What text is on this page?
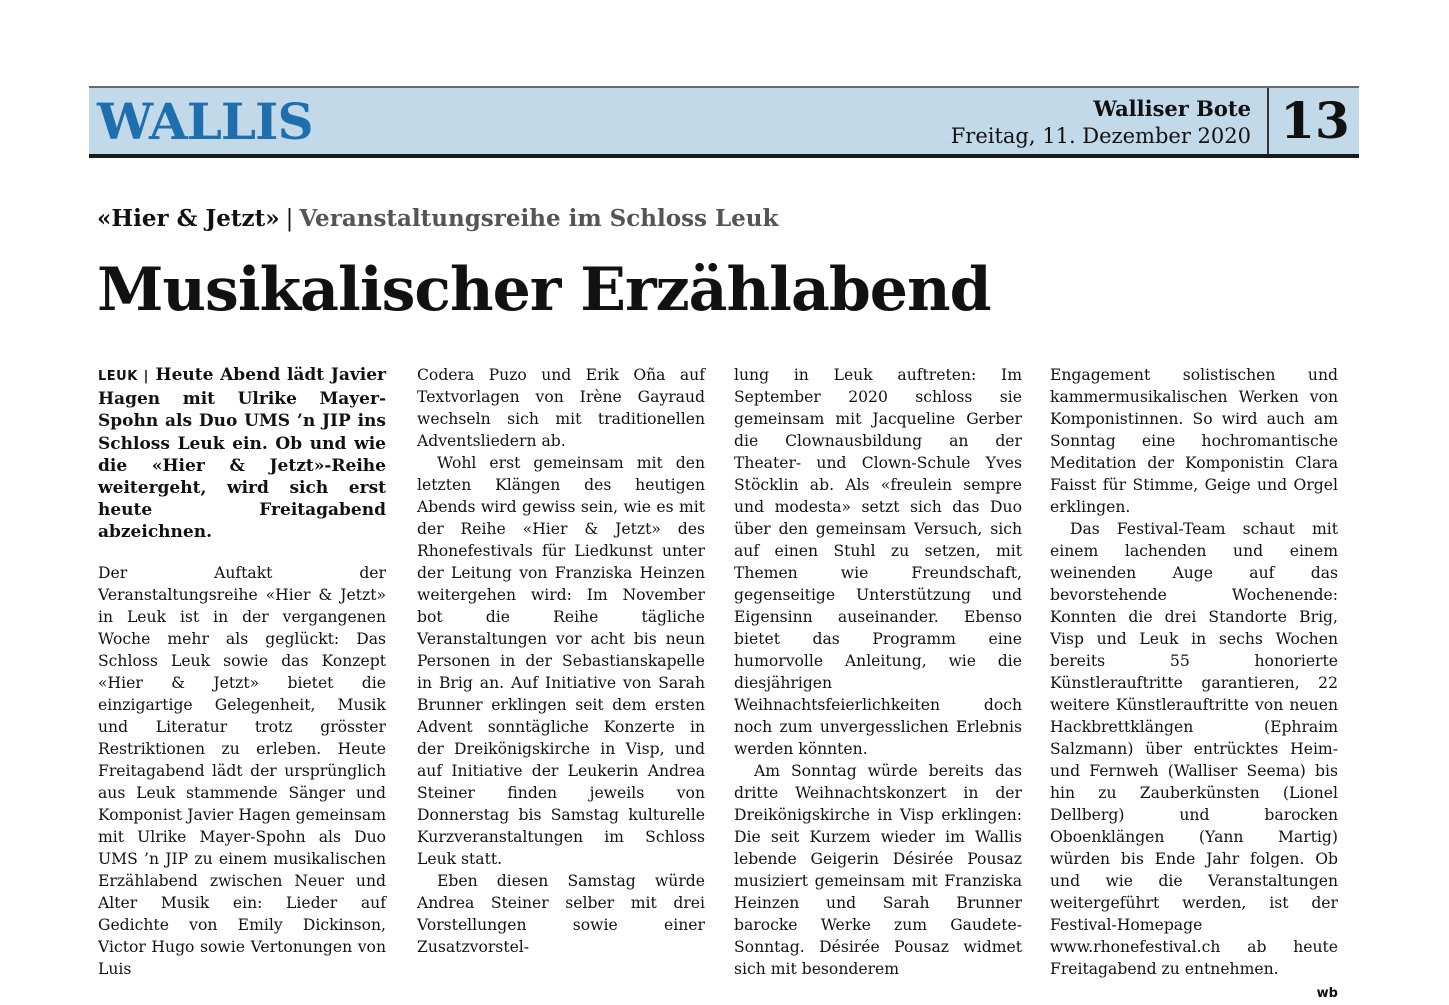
WALLIS	Walliser Bote
Freitag, 11. Dezember 2020 13
«Hier & Jetzt» | Veranstaltungsreihe im Schloss Leuk
Musikalischer Erzählabend

LEUK | Heute Abend lädt Javier Hagen mit Ulrike Mayer-Spohn als Duo UMS ’n JIP ins Schloss Leuk ein. Ob und wie die «Hier & Jetzt»-Reihe weitergeht, wird sich erst heute Freitagabend abzeichnen.

Der Auftakt der Veranstaltungsreihe «Hier & Jetzt» in Leuk ist in der vergangenen Woche mehr als geglückt: Das Schloss Leuk sowie das Konzept «Hier & Jetzt» bietet die einzigartige Gelegenheit, Musik und Literatur trotz grösster Restriktionen zu erleben. Heute Freitagabend lädt der ursprünglich aus Leuk stammende Sänger und Komponist Javier Hagen gemeinsam mit Ulrike Mayer-Spohn als Duo UMS ’n JIP zu einem musikalischen Erzählabend zwischen Neuer und Alter Musik ein: Lieder auf Gedichte von Emily Dickinson, Victor Hugo sowie Vertonungen von Luis

Codera Puzo und Erik Oña auf Textvorlagen von Irène Gayraud wechseln sich mit traditionellen Adventsliedern ab.

Wohl erst gemeinsam mit den letzten Klängen des heutigen Abends wird gewiss sein, wie es mit der Reihe «Hier & Jetzt» des Rhonefestivals für Liedkunst unter der Leitung von Franziska Heinzen weitergehen wird: Im November bot die Reihe tägliche Veranstaltungen vor acht bis neun Personen in der Sebastianskapelle in Brig an. Auf Initiative von Sarah Brunner erklingen seit dem ersten Advent sonntägliche Konzerte in der Dreikönigskirche in Visp, und auf Initiative der Leukerin Andrea Steiner finden jeweils von Donnerstag bis Samstag kulturelle Kurzveranstaltungen im Schloss Leuk statt.

Eben diesen Samstag würde Andrea Steiner selber mit drei Vorstellungen sowie einer Zusatzvorstel-

lung in Leuk auftreten: Im September 2020 schloss sie gemeinsam mit Jacqueline Gerber die Clownausbildung an der Theater- und Clown-Schule Yves Stöcklin ab. Als «freulein sempre und modesta» setzt sich das Duo über den gemeinsam Versuch, sich auf einen Stuhl zu setzen, mit Themen wie Freundschaft, gegenseitige Unterstützung und Eigensinn auseinander. Ebenso bietet das Programm eine humorvolle Anleitung, wie die diesjährigen Weihnachtsfeierlichkeiten doch noch zum unvergesslichen Erlebnis werden könnten.

Am Sonntag würde bereits das dritte Weihnachtskonzert in der Dreikönigskirche in Visp erklingen: Die seit Kurzem wieder im Wallis lebende Geigerin Désirée Pousaz musiziert gemeinsam mit Franziska Heinzen und Sarah Brunner barocke Werke zum Gaudete-Sonntag. Désirée Pousaz widmet sich mit besonderem

Engagement solistischen und kammermusikalischen Werken von Komponistinnen. So wird auch am Sonntag eine hochromantische Meditation der Komponistin Clara Faisst für Stimme, Geige und Orgel erklingen.

Das Festival-Team schaut mit einem lachenden und einem weinenden Auge auf das bevorstehende Wochenende: Konnten die drei Standorte Brig, Visp und Leuk in sechs Wochen bereits 55 honorierte Künstlerauftritte garantieren, 22 weitere Künstlerauftritte von neuen Hackbrettklängen (Ephraim Salzmann) über entrücktes Heim- und Fernweh (Walliser Seema) bis hin zu Zauberkünsten (Lionel Dellberg) und barocken Oboenklängen (Yann Martig) würden bis Ende Jahr folgen. Ob und wie die Veranstaltungen weitergeführt werden, ist der Festival-Homepage www.rhonefestival.ch ab heute Freitagabend zu entnehmen.

wb
